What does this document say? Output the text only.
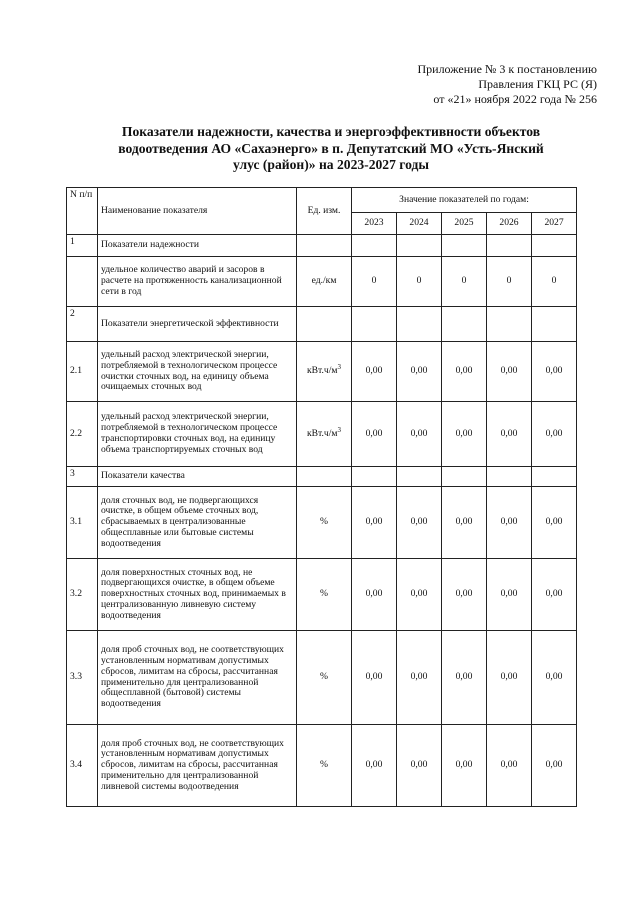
Приложение № 3 к постановлению
Правления ГКЦ РС (Я)
от «21» ноября 2022 года № 256
Показатели надежности, качества и энергоэффективности объектов
водоотведения АО «Сахаэнерго» в п. Депутатский МО «Усть-Янский
улус (район)» на 2023-2027 годы
N п/п	Наименование показателя	Ед. изм.	Значение показателей по годам:				
			2023	2024	2025	2026	2027
1	Показатели надежности						
	удельное количество аварий и засоров в расчете на протяженность канализационной сети в год	ед./км	0	0	0	0	0
2	Показатели энергетической эффективности						
2.1	удельный расход электрической энергии, потребляемой в технологическом процессе очистки сточных вод, на единицу объема очищаемых сточных вод	$кВт.ч/м^3$	0,00	0,00	0,00	0,00	0,00
2.2	удельный расход электрической энергии, потребляемой в технологическом процессе транспортировки сточных вод, на единицу объема транспортируемых сточных вод	$кВт.ч/м^3$	0,00	0,00	0,00	0,00	0,00
3	Показатели качества						
3.1	доля сточных вод, не подвергающихся очистке, в общем объеме сточных вод, сбрасываемых в централизованные общесплавные или бытовые системы водоотведения	%	0,00	0,00	0,00	0,00	0,00
3.2	доля поверхностных сточных вод, не подвергающихся очистке, в общем объеме поверхностных сточных вод, принимаемых в централизованную ливневую систему водоотведения	%	0,00	0,00	0,00	0,00	0,00
3.3	доля проб сточных вод, не соответствующих установленным нормативам допустимых сбросов, лимитам на сбросы, рассчитанная применительно для централизованной общесплавной (бытовой) системы водоотведения	%	0,00	0,00	0,00	0,00	0,00
3.4	доля проб сточных вод, не соответствующих установленным нормативам допустимых сбросов, лимитам на сбросы, рассчитанная применительно для централизованной ливневой системы водоотведения	%	0,00	0,00	0,00	0,00	0,00
